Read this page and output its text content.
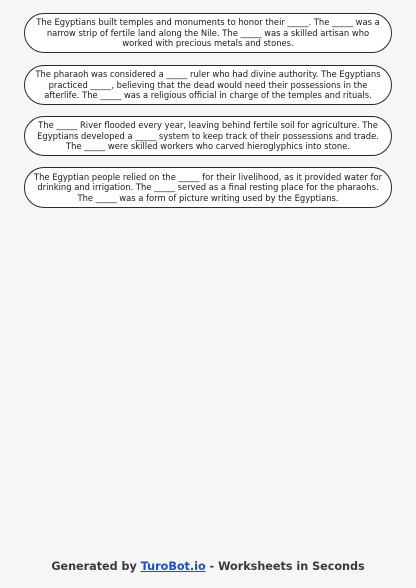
The Egyptians built temples and monuments to honor their _____. The _____ was a narrow strip of fertile land along the Nile. The _____ was a skilled artisan who worked with precious metals and stones.
The pharaoh was considered a _____ ruler who had divine authority. The Egyptians practiced _____, believing that the dead would need their possessions in the afterlife. The _____ was a religious official in charge of the temples and rituals.
The _____ River flooded every year, leaving behind fertile soil for agriculture. The Egyptians developed a _____ system to keep track of their possessions and trade. The _____ were skilled workers who carved hieroglyphics into stone.
The Egyptian people relied on the _____ for their livelihood, as it provided water for drinking and irrigation. The _____ served as a final resting place for the pharaohs. The _____ was a form of picture writing used by the Egyptians.
Generated by TuroBot.io - Worksheets in Seconds
